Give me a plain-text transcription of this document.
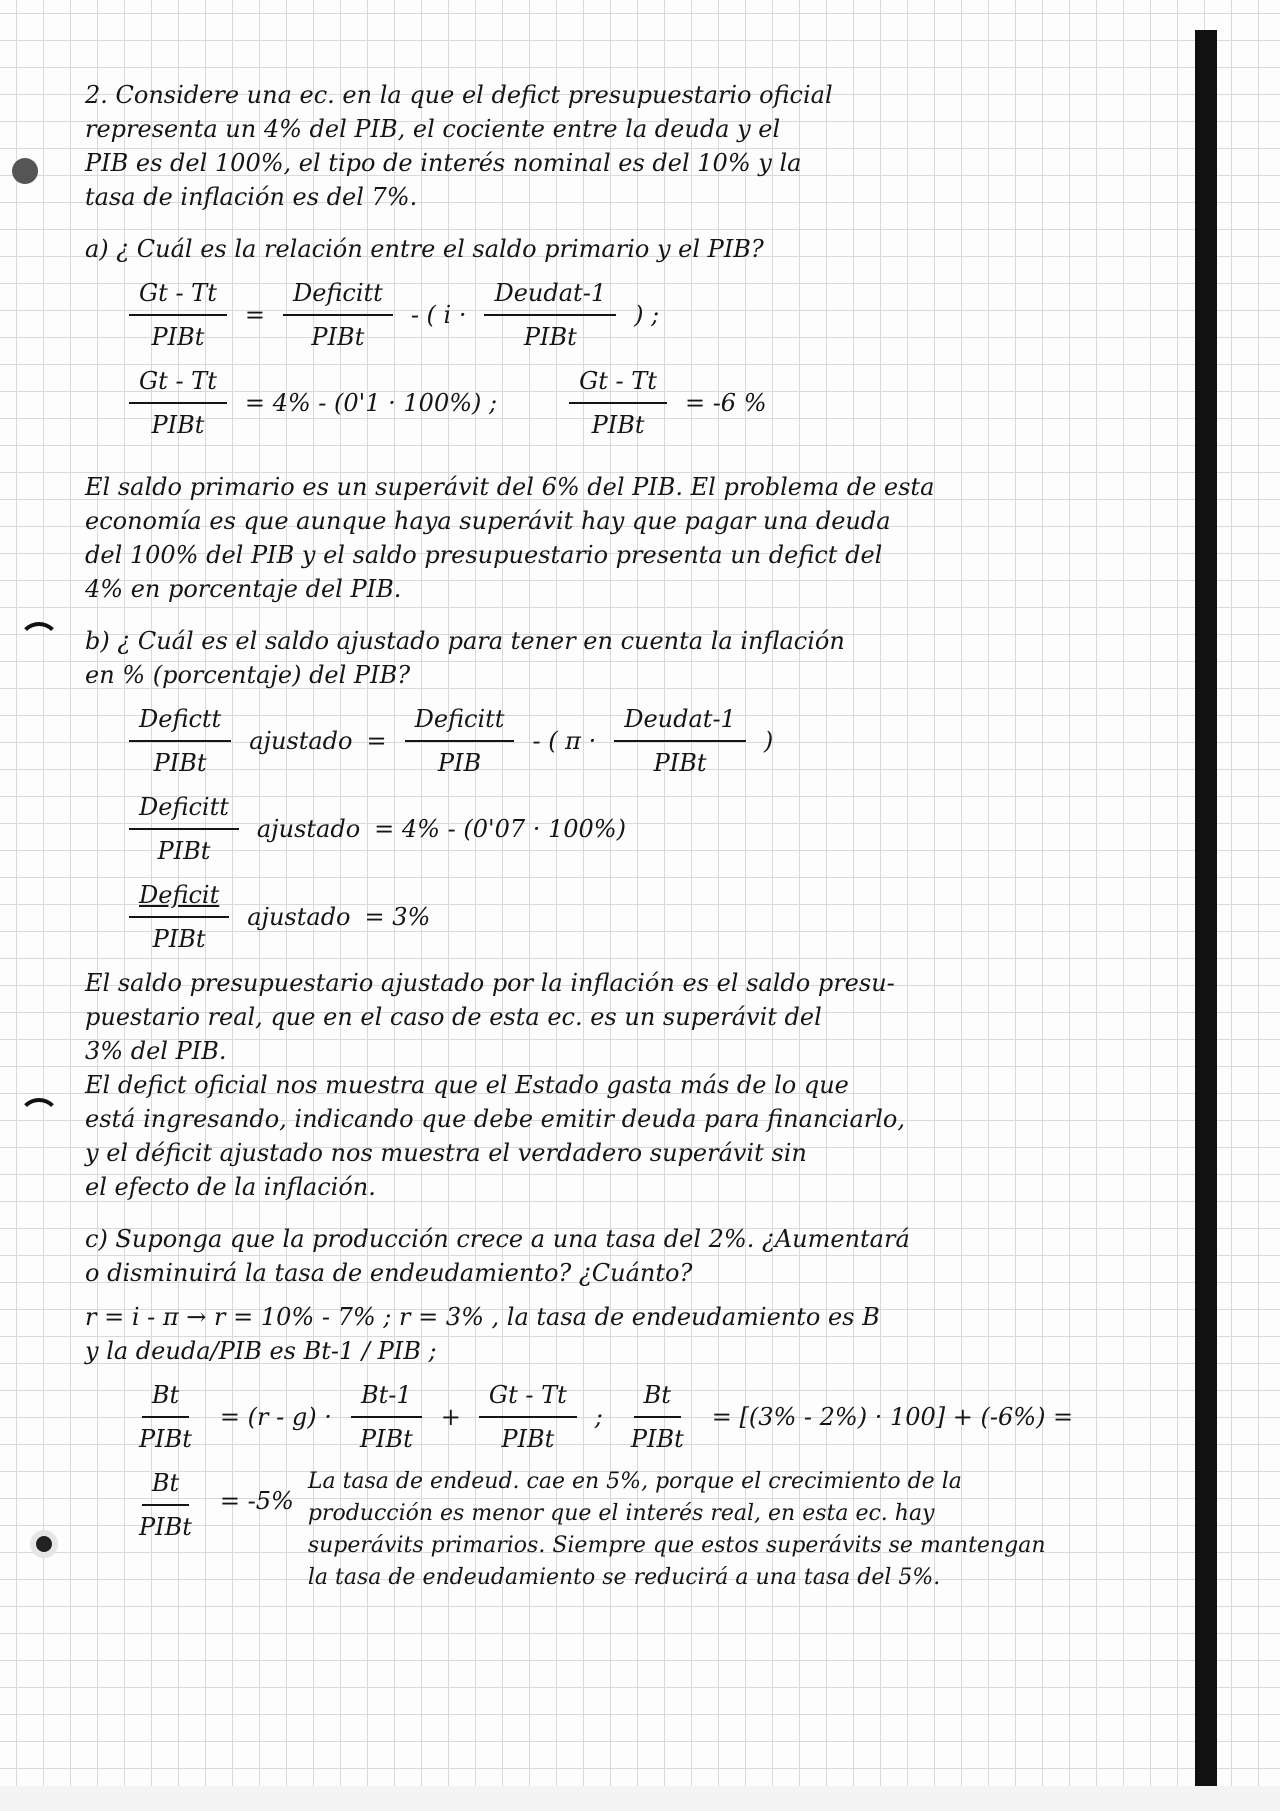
2. Considere una ec. en la que el defict presupuestario oficial

representa un 4% del PIB, el cociente entre la deuda y el

PIB es del 100%, el tipo de interés nominal es del 10% y la

tasa de inflación es del 7%.

a) ¿ Cuál es la relación entre el saldo primario y el PIB?

$\frac{Gt - Tt}{\text{PIBt}} = \frac{\text{Deficitt}}{\text{PIBt}}$ - ( $i \cdot \frac{\text{Deudat-1}}{\text{PIBt}}$ ) ;
$\frac{Gt - Tt}{\text{PIBt}} = 4\% - (0'1 \cdot 100\%)$ ;	$\frac{Gt - Tt}{\text{PIBt}} = -6$ %

El saldo primario es un superávit del 6% del PIB. El problema de esta

economía es que aunque haya superávit hay que pagar una deuda

del 100% del PIB y el saldo presupuestario presenta un defict del

4% en porcentaje del PIB.

b) ¿ Cuál es el saldo ajustado para tener en cuenta la inflación

en % (porcentaje) del PIB?

$\frac{\text{Defictt}}{\text{PIBt}}$ ajustado = $\frac{\text{Deficitt}}{\text{PIB}}$ - ( $\pi \cdot \frac{\text{Deudat-1}}{\text{PIBt}}$ )
$\frac{\text{Deficitt}}{\text{PIBt}}$ ajustado = 4% - (0'07 · 100%)
$\frac{\text{Deficit}}{\text{PIBt}}$ ajustado = 3%

El saldo presupuestario ajustado por la inflación es el saldo presu-

puestario real, que en el caso de esta ec. es un superávit del

3% del PIB.

El defict oficial nos muestra que el Estado gasta más de lo que

está ingresando, indicando que debe emitir deuda para financiarlo,

y el déficit ajustado nos muestra el verdadero superávit sin

el efecto de la inflación.

c) Suponga que la producción crece a una tasa del 2%. ¿Aumentará

o disminuirá la tasa de endeudamiento? ¿Cuánto?

r = i - π → r = 10% - 7% ; r = 3% , la tasa de endeudamiento es B

y la deuda/PIB es Bt-1 / PIB ;

$\frac{Bt}{\text{PIBt}} = (r - g) \cdot \frac{Bt-1}{\text{PIBt}} + \frac{Gt - Tt}{\text{PIBt}}$ ; $\frac{Bt}{\text{PIBt}} = [(3\% - 2\%) \cdot 100] + (-6\%)$ =
$\frac{Bt}{\text{PIBt}} = -5\%$

La tasa de endeud. cae en 5%, porque el crecimiento de la

producción es menor que el interés real, en esta ec. hay

superávits primarios. Siempre que estos superávits se mantengan

la tasa de endeudamiento se reducirá a una tasa del 5%.
